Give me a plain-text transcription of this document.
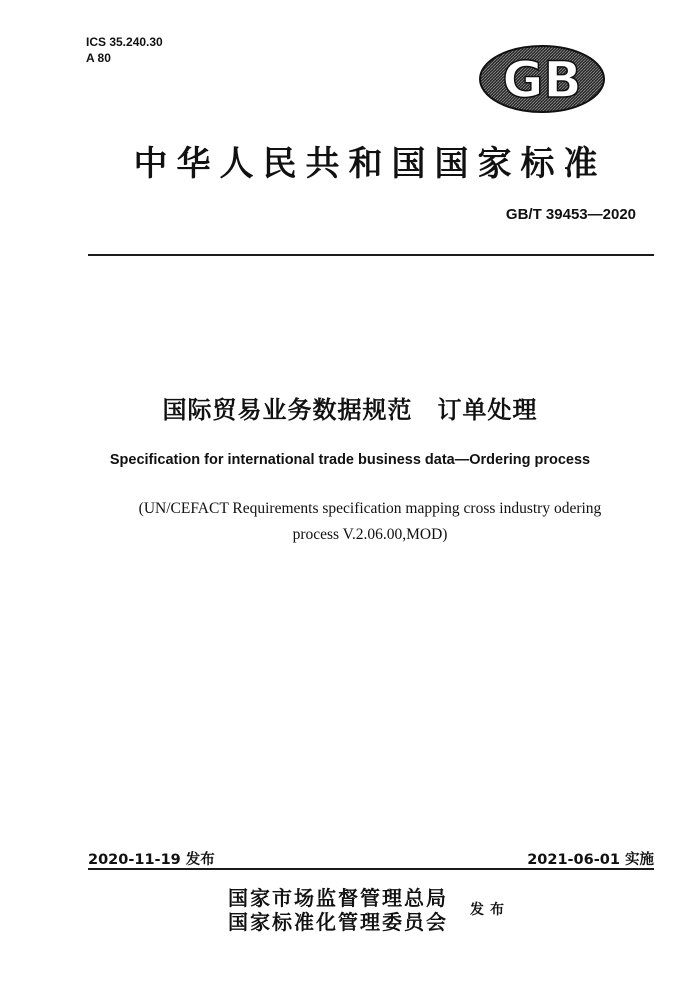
ICS 35.240.30
A 80	GB
中华人民共和国国家标准
GB/T 39453—2020
国际贸易业务数据规范　订单处理
Specification for international trade business data—Ordering process
(UN/CEFACT Requirements specification mapping cross industry odering
process V.2.06.00,MOD)
2020-11-19 发布	2021-06-01 实施
国家市场监督管理总局
国家标准化管理委员会 发布
